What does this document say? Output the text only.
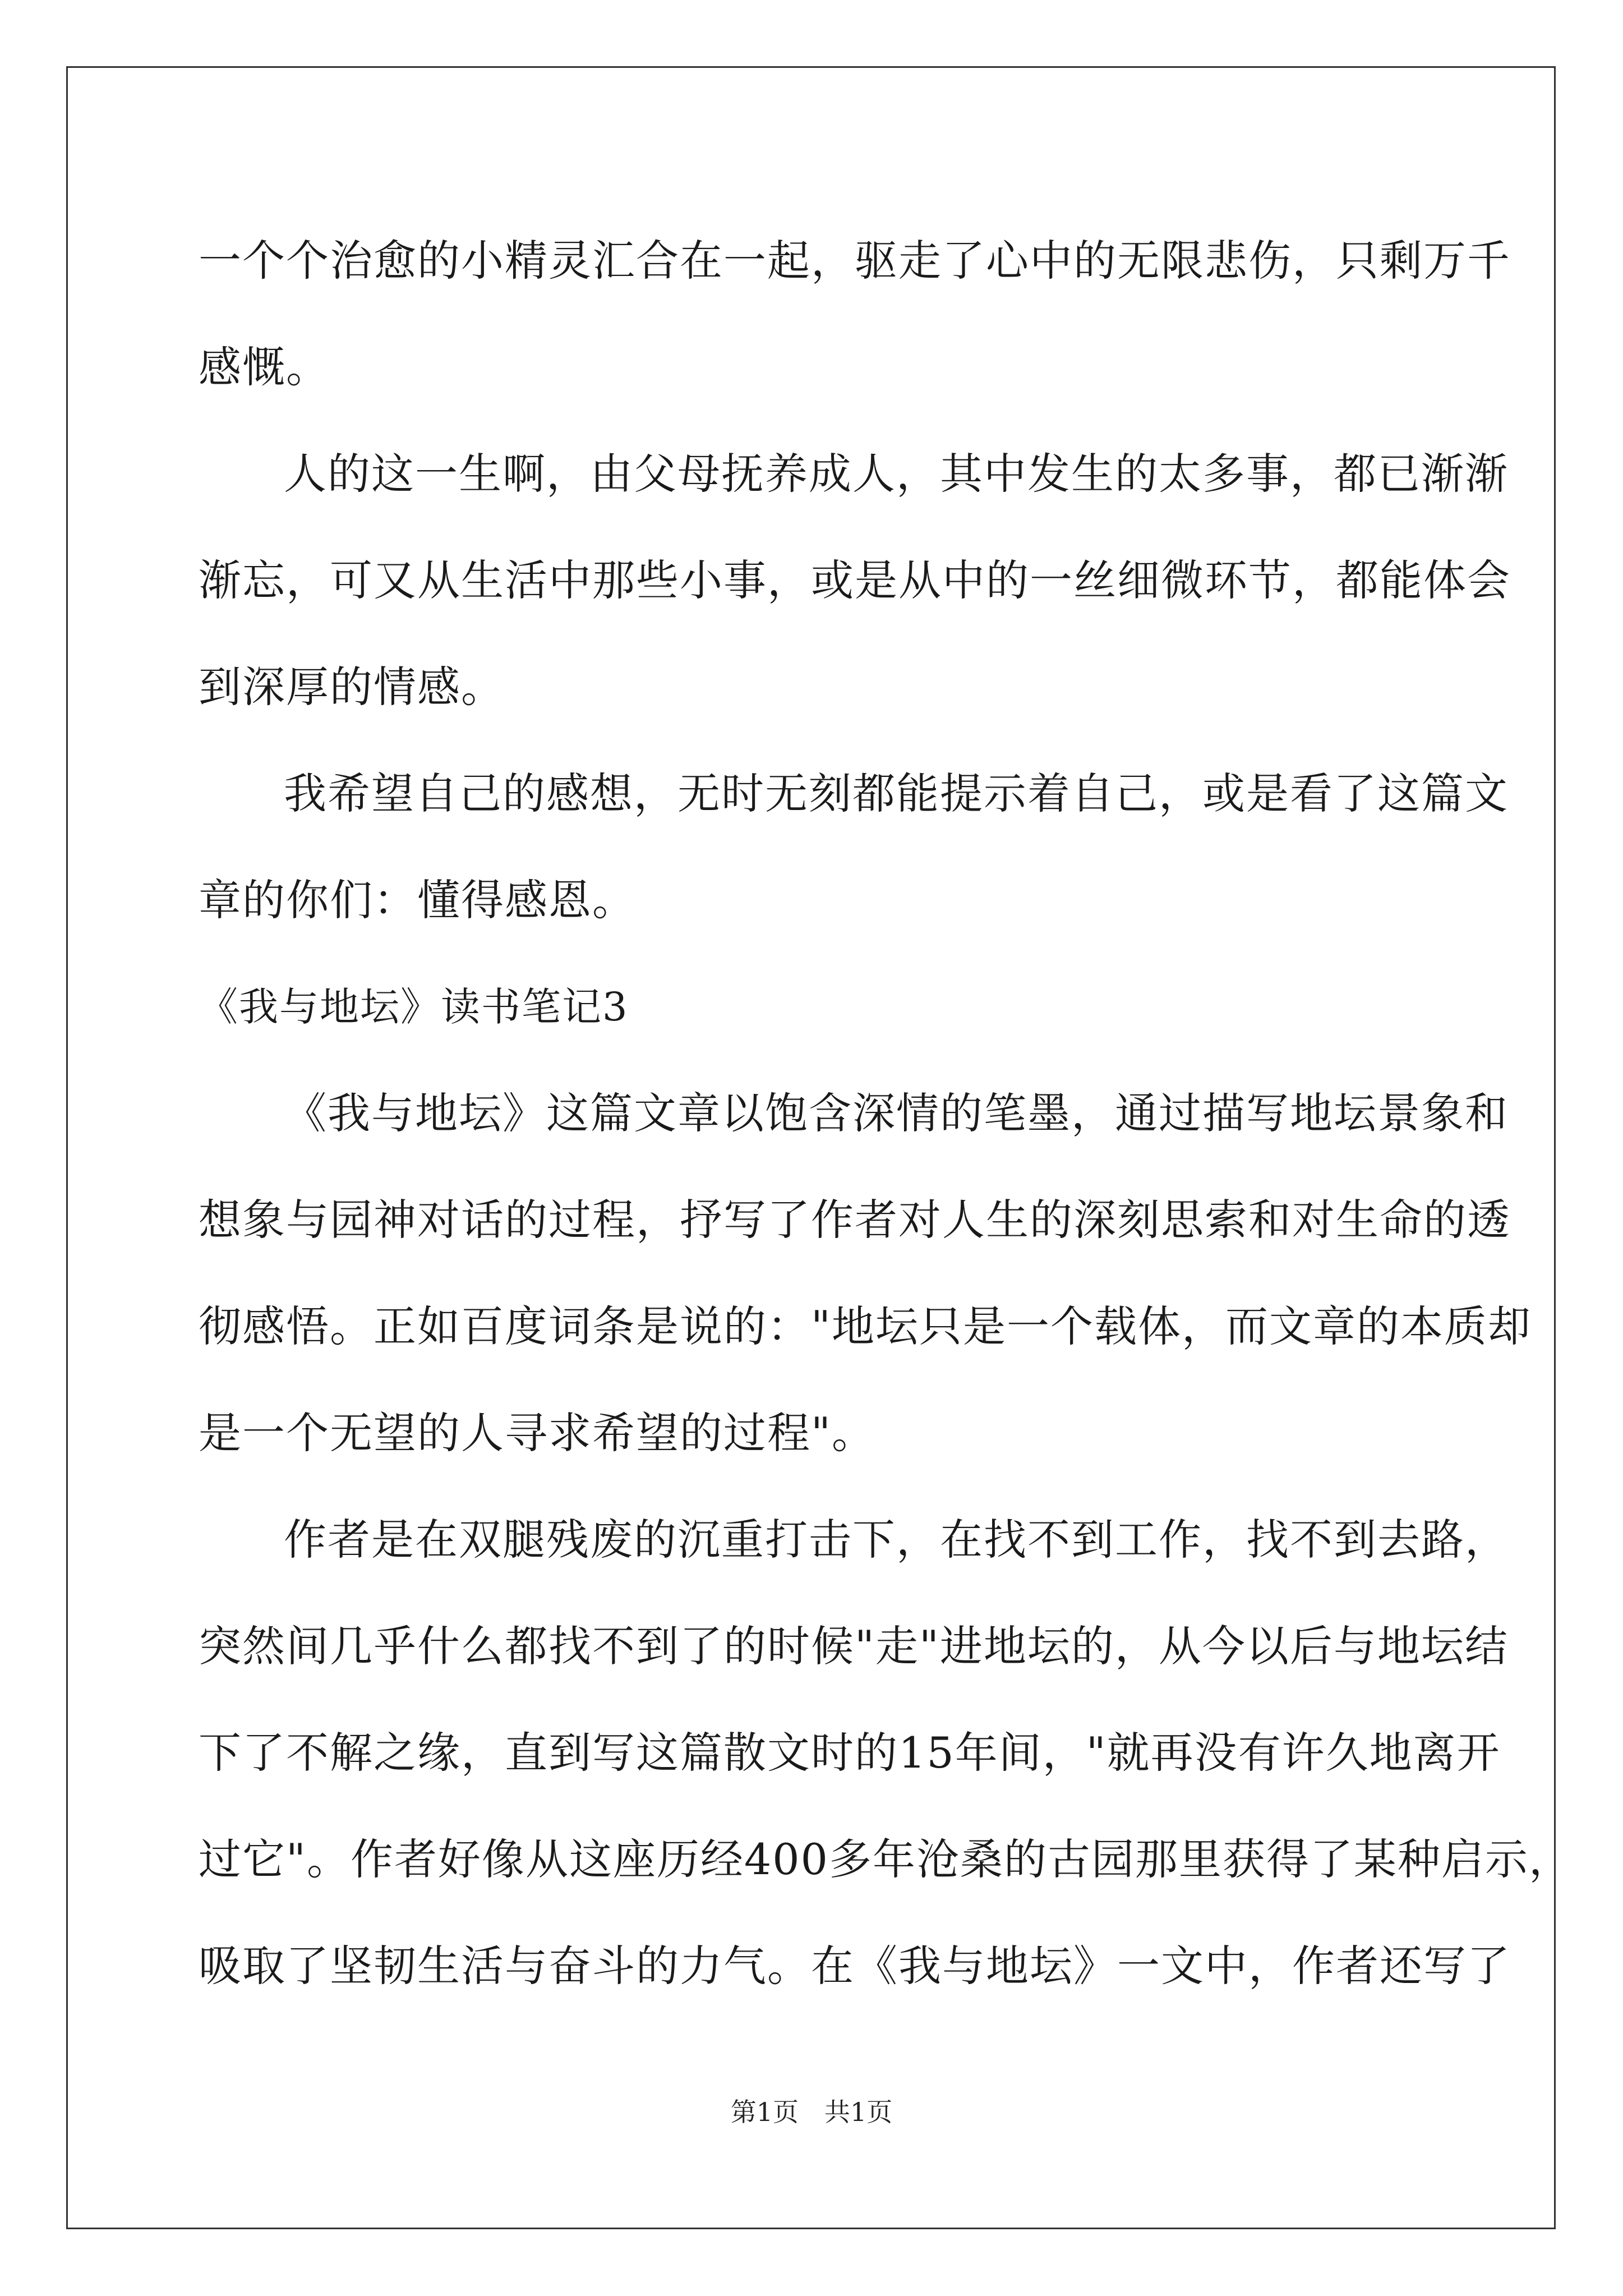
一个个治愈的小精灵汇合在一起，驱走了心中的无限悲伤，只剩万千
感慨。
人的这一生啊，由父母抚养成人，其中发生的太多事，都已渐渐
渐忘，可又从生活中那些小事，或是从中的一丝细微环节，都能体会
到深厚的情感。
我希望自己的感想，无时无刻都能提示着自己，或是看了这篇文
章的你们：懂得感恩。
《我与地坛》读书笔记3
《我与地坛》这篇文章以饱含深情的笔墨，通过描写地坛景象和
想象与园神对话的过程，抒写了作者对人生的深刻思索和对生命的透
彻感悟。正如百度词条是说的："地坛只是一个载体，而文章的本质却
是一个无望的人寻求希望的过程"。
作者是在双腿残废的沉重打击下，在找不到工作，找不到去路，
突然间几乎什么都找不到了的时候"走"进地坛的，从今以后与地坛结
下了不解之缘，直到写这篇散文时的15年间，"就再没有许久地离开
过它"。作者好像从这座历经400多年沧桑的古园那里获得了某种启示，
吸取了坚韧生活与奋斗的力气。在《我与地坛》一文中，作者还写了
第1页　共1页
